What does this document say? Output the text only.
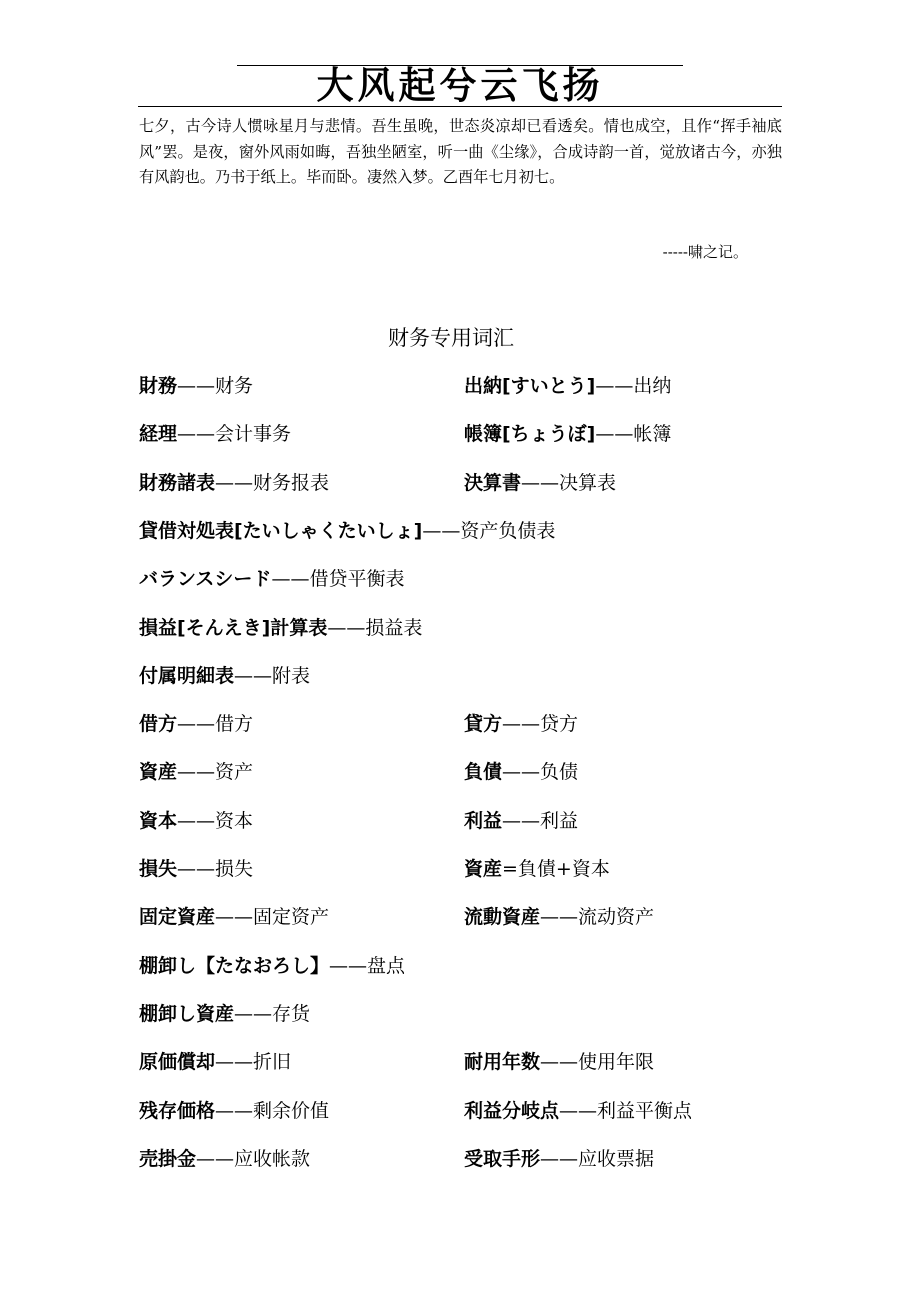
大风起兮云飞扬

七夕，古今诗人惯咏星月与悲情。吾生虽晚，世态炎凉却已看透矣。情也成空，且作“挥手袖底风”罢。是夜，窗外风雨如晦，吾独坐陋室，听一曲《尘缘》，合成诗韵一首，觉放诸古今，亦独有风韵也。乃书于纸上。毕而卧。凄然入梦。乙酉年七月初七。

-----啸之记。
财务专用词汇
財務——财务	出納[すいとう]——出纳
経理——会计事务	帳簿[ちょうぼ]——帐簿
財務諸表——财务报表	決算書——决算表
貸借対処表[たいしゃくたいしょ]——资产负债表
バランスシード——借贷平衡表
損益[そんえき]計算表——损益表
付属明細表——附表
借方——借方	貸方——贷方
資産——资产	負債——负债
資本——资本	利益——利益
損失——损失	資産=負債+資本
固定資産——固定资产	流動資産——流动资产
棚卸し【たなおろし】——盘点
棚卸し資産——存货
原価償却——折旧	耐用年数——使用年限
残存価格——剩余价值	利益分岐点——利益平衡点
売掛金——应收帐款	受取手形——应收票据
